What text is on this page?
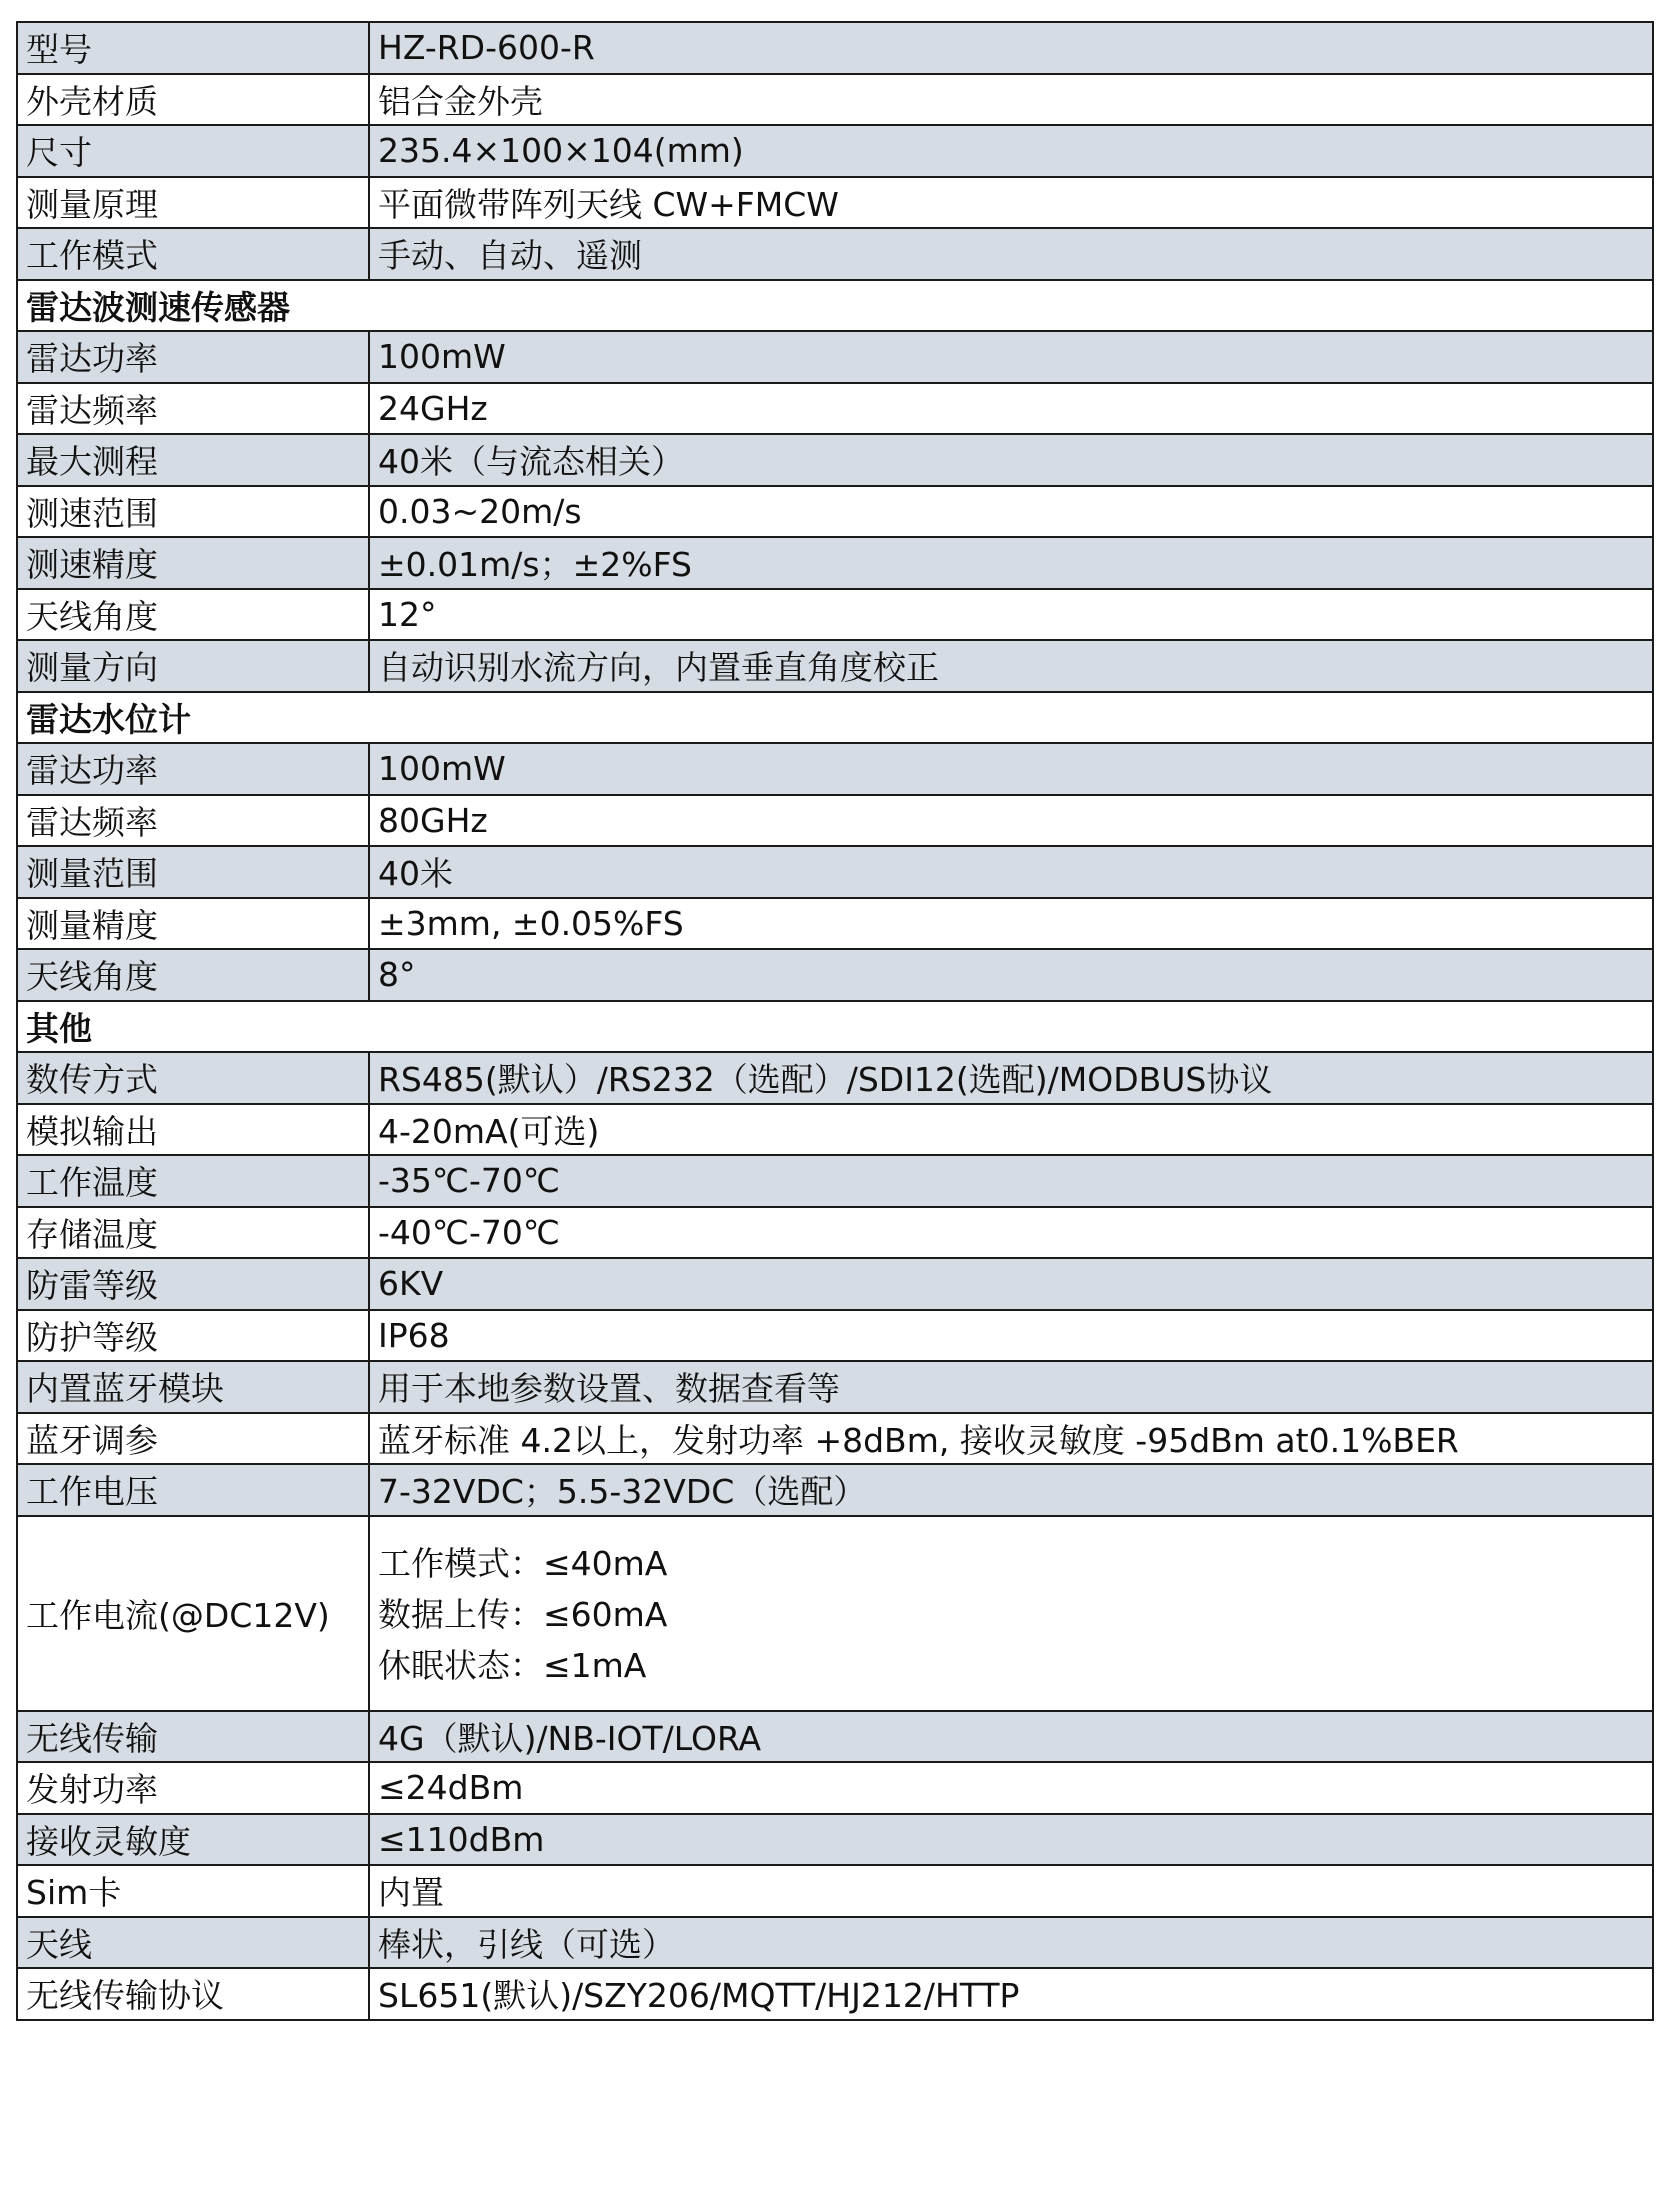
型号	HZ-RD-600-R
外壳材质	铝合金外壳
尺寸	235.4×100×104(mm)
测量原理	平面微带阵列天线 CW+FMCW
工作模式	手动、自动、遥测
雷达波测速传感器	
雷达功率	100mW
雷达频率	24GHz
最大测程	40米（与流态相关）
测速范围	0.03~20m/s
测速精度	±0.01m/s；±2%FS
天线角度	12°
测量方向	自动识别水流方向，内置垂直角度校正
雷达水位计	
雷达功率	100mW
雷达频率	80GHz
测量范围	40米
测量精度	±3mm, ±0.05%FS
天线角度	8°
其他	
数传方式	RS485(默认）/RS232（选配）/SDI12(选配)/MODBUS协议
模拟输出	4-20mA(可选)
工作温度	-35℃-70℃
存储温度	-40℃-70℃
防雷等级	6KV
防护等级	IP68
内置蓝牙模块	用于本地参数设置、数据查看等
蓝牙调参	蓝牙标准 4.2以上，发射功率 +8dBm, 接收灵敏度 -95dBm at0.1%BER
工作电压	7-32VDC；5.5-32VDC（选配）
工作电流(@DC12V)	工作模式：≤40mA
数据上传：≤60mA
休眠状态：≤1mA
无线传输	4G（默认)/NB-IOT/LORA
发射功率	≤24dBm
接收灵敏度	≤110dBm
Sim卡	内置
天线	棒状，引线（可选）
无线传输协议	SL651(默认)/SZY206/MQTT/HJ212/HTTP
